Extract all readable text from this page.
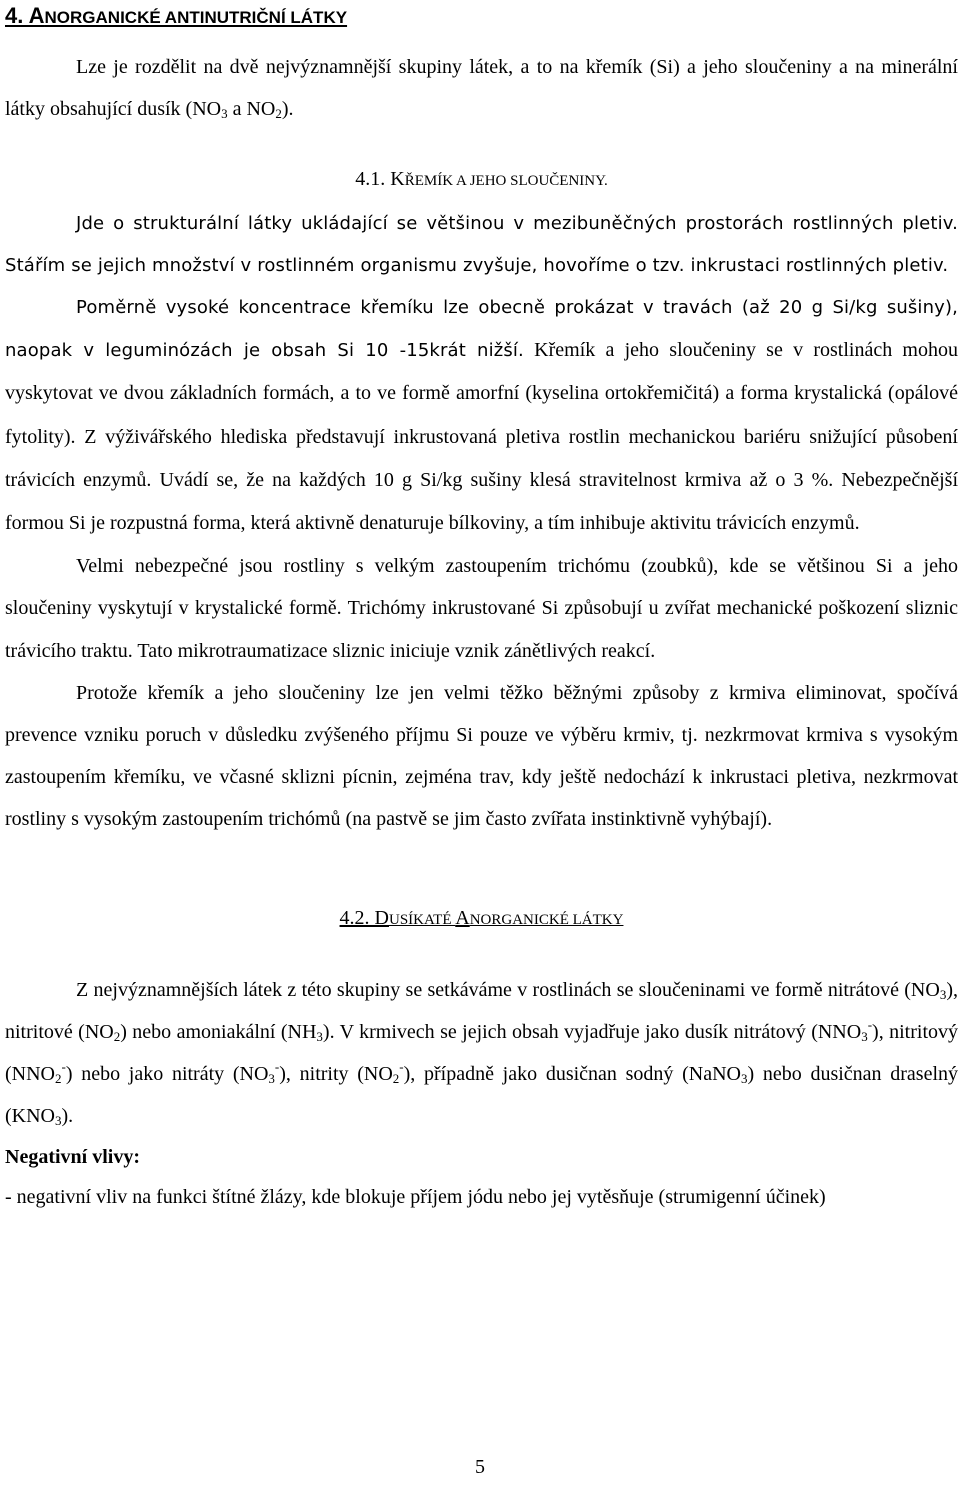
4. ANORGANICKÉ ANTINUTRIČNÍ LÁTKY

Lze je rozdělit na dvě nejvýznamnější skupiny látek, a to na křemík (Si) a jeho sloučeniny a na minerální látky obsahující dusík (NO3 a NO2).

4.1. KŘEMÍK A JEHO SLOUČENINY.

Jde o strukturální látky ukládající se většinou v mezibuněčných prostorách rostlinných pletiv. Stářím se jejich množství v rostlinném organismu zvyšuje, hovoříme o tzv. inkrustaci rostlinných pletiv.

Poměrně vysoké koncentrace křemíku lze obecně prokázat v travách (až 20 g Si/kg sušiny), naopak v leguminózách je obsah Si 10 -15krát nižší. Křemík a jeho sloučeniny se v rostlinách mohou vyskytovat ve dvou základních formách, a to ve formě amorfní (kyselina ortokřemičitá) a forma krystalická (opálové fytolity). Z výživářského hlediska představují inkrustovaná pletiva rostlin mechanickou bariéru snižující působení trávicích enzymů. Uvádí se, že na každých 10 g Si/kg sušiny klesá stravitelnost krmiva až o 3 %. Nebezpečnější formou Si je rozpustná forma, která aktivně denaturuje bílkoviny, a tím inhibuje aktivitu trávicích enzymů.

Velmi nebezpečné jsou rostliny s velkým zastoupením trichómu (zoubků), kde se většinou Si a jeho sloučeniny vyskytují v krystalické formě. Trichómy inkrustované Si způsobují u zvířat mechanické poškození sliznic trávicího traktu. Tato mikrotraumatizace sliznic iniciuje vznik zánětlivých reakcí.

Protože křemík a jeho sloučeniny lze jen velmi těžko běžnými způsoby z krmiva eliminovat, spočívá prevence vzniku poruch v důsledku zvýšeného příjmu Si pouze ve výběru krmiv, tj. nezkrmovat krmiva s vysokým zastoupením křemíku, ve včasné sklizni pícnin, zejména trav, kdy ještě nedochází k inkrustaci pletiva, nezkrmovat rostliny s vysokým zastoupením trichómů (na pastvě se jim často zvířata instinktivně vyhýbají).

4.2. DUSÍKATÉ ANORGANICKÉ LÁTKY

Z nejvýznamnějších látek z této skupiny se setkáváme v rostlinách se sloučeninami ve formě nitrátové (NO3), nitritové (NO2) nebo amoniakální (NH3). V krmivech se jejich obsah vyjadřuje jako dusík nitrátový (NNO3-), nitritový (NNO2-) nebo jako nitráty (NO3-), nitrity (NO2-), případně jako dusičnan sodný (NaNO3) nebo dusičnan draselný (KNO3).

Negativní vlivy:

- negativní vliv na funkci štítné žlázy, kde blokuje příjem jódu nebo jej vytěsňuje (strumigenní účinek)

5
